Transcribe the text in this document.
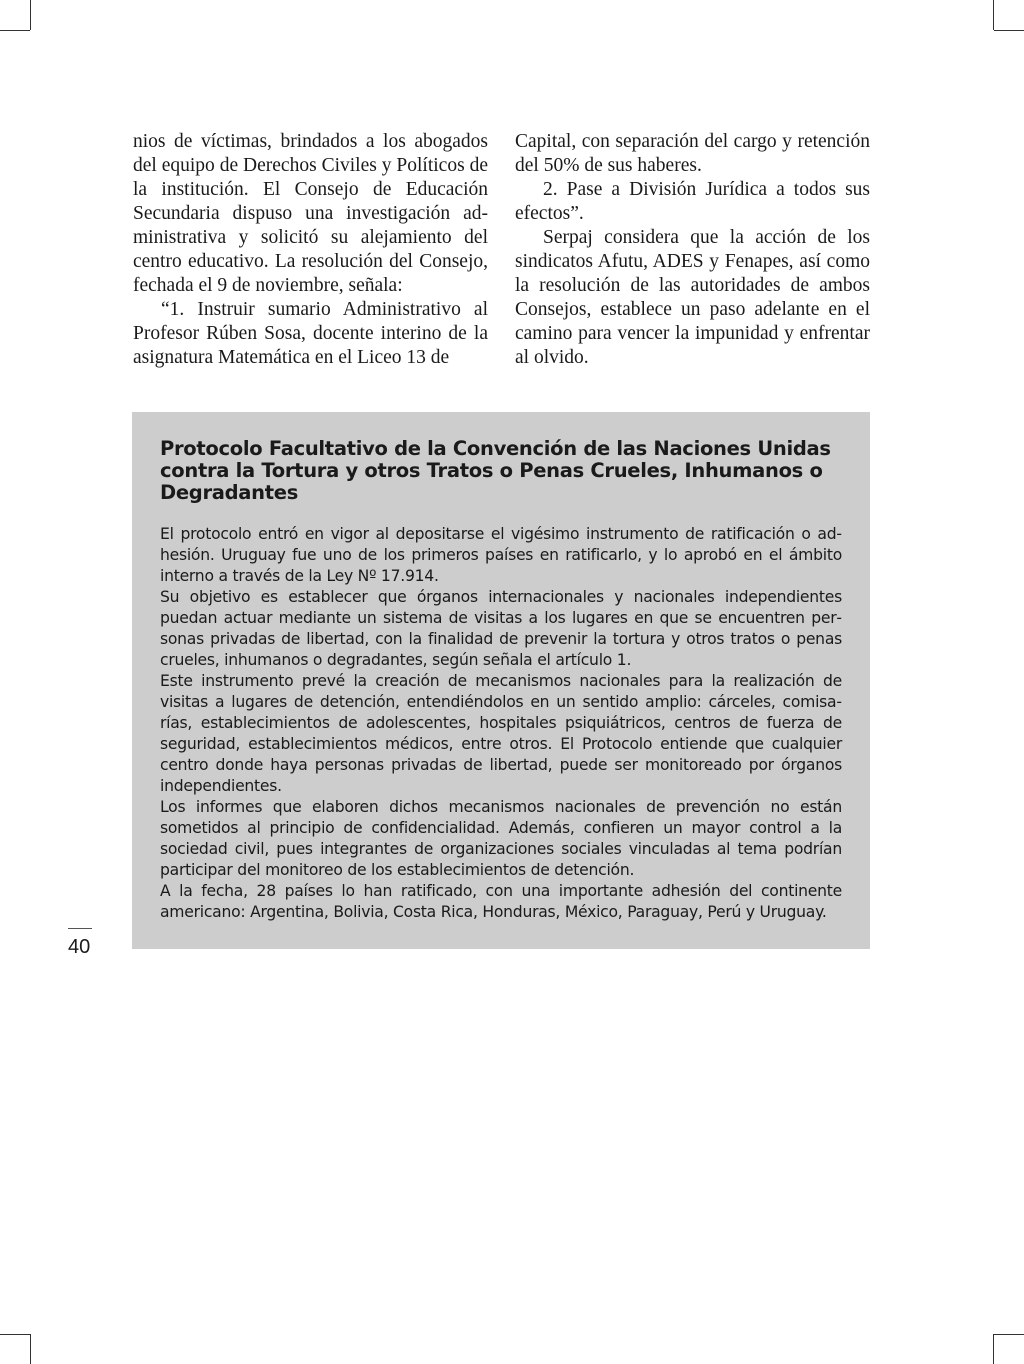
nios de víctimas, brindados a los abogados del equipo de Derechos Civiles y Políticos de la institución. El Consejo de Educación Secundaria dispuso una investigación administrativa y solicitó su alejamiento del centro educativo. La resolución del Consejo, fechada el 9 de noviembre, señala:

“1. Instruir sumario Administrativo al Profesor Rúben Sosa, docente interino de la asignatura Matemática en el Liceo 13 de

Capital, con separación del cargo y retención del 50% de sus haberes.

2. Pase a División Jurídica a todos sus efectos”.

Serpaj considera que la acción de los sindicatos Afutu, ADES y Fenapes, así como la resolución de las autoridades de ambos Consejos, establece un paso adelante en el camino para vencer la impunidad y enfrentar al olvido.

Protocolo Facultativo de la Convención de las Naciones Unidas contra la Tortura y otros Tratos o Penas Crueles, Inhumanos o Degradantes

El protocolo entró en vigor al depositarse el vigésimo instrumento de ratificación o adhesión. Uruguay fue uno de los primeros países en ratificarlo, y lo aprobó en el ámbito interno a través de la Ley Nº 17.914.

Su objetivo es establecer que órganos internacionales y nacionales independientes puedan actuar mediante un sistema de visitas a los lugares en que se encuentren personas privadas de libertad, con la finalidad de prevenir la tortura y otros tratos o penas crueles, inhumanos o degradantes, según señala el artículo 1.

Este instrumento prevé la creación de mecanismos nacionales para la realización de visitas a lugares de detención, entendiéndolos en un sentido amplio: cárceles, comisarías, establecimientos de adolescentes, hospitales psiquiátricos, centros de fuerza de seguridad, establecimientos médicos, entre otros. El Protocolo entiende que cualquier centro donde haya personas privadas de libertad, puede ser monitoreado por órganos independientes.

Los informes que elaboren dichos mecanismos nacionales de prevención no están sometidos al principio de confidencialidad. Además, confieren un mayor control a la sociedad civil, pues integrantes de organizaciones sociales vinculadas al tema podrían participar del monitoreo de los establecimientos de detención.

A la fecha, 28 países lo han ratificado, con una importante adhesión del continente americano: Argentina, Bolivia, Costa Rica, Honduras, México, Paraguay, Perú y Uruguay.

40
